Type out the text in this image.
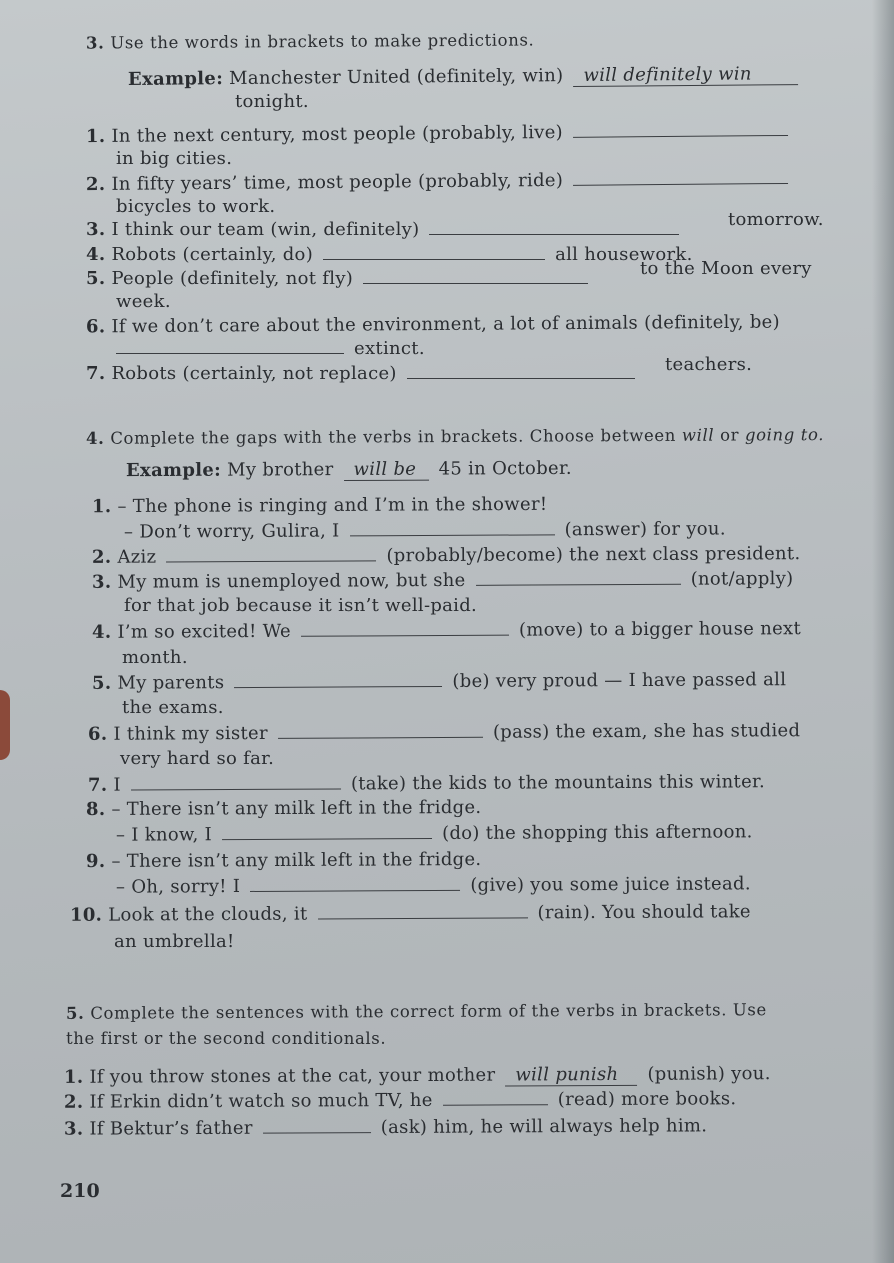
3. Use the words in brackets to make predictions.
Example: Manchester United (definitely, win) will definitely win
tonight.
1. In the next century, most people (probably, live)
in big cities.
2. In fifty years’ time, most people (probably, ride)
bicycles to work.
3. I think our team (win, definitely)	tomorrow.
4. Robots (certainly, do)	all housework.
5. People (definitely, not fly)	to the Moon every
week.
6. If we don’t care about the environment, a lot of animals (definitely, be)
extinct.
7. Robots (certainly, not replace)	teachers.
4. Complete the gaps with the verbs in brackets. Choose between will or going to.
Example: My brother will be 45 in October.
1. – The phone is ringing and I’m in the shower!
– Don’t worry, Gulira, I	(answer) for you.
2. Aziz	(probably/become) the next class president.
3. My mum is unemployed now, but she	(not/apply)
for that job because it isn’t well-paid.
4. I’m so excited! We	(move) to a bigger house next
month.
5. My parents	(be) very proud — I have passed all
the exams.
6. I think my sister	(pass) the exam, she has studied
very hard so far.
7. I	(take) the kids to the mountains this winter.
8. – There isn’t any milk left in the fridge.
– I know, I	(do) the shopping this afternoon.
9. – There isn’t any milk left in the fridge.
– Oh, sorry! I	(give) you some juice instead.
10. Look at the clouds, it	(rain). You should take
an umbrella!
5. Complete the sentences with the correct form of the verbs in brackets. Use
the first or the second conditionals.
1. If you throw stones at the cat, your mother will punish (punish) you.
2. If Erkin didn’t watch so much TV, he	(read) more books.
3. If Bektur’s father	(ask) him, he will always help him.
210
